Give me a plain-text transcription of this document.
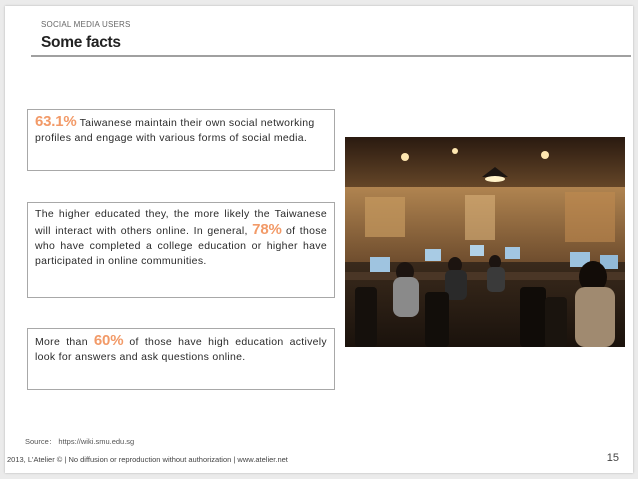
SOCIAL MEDIA USERS
Some facts

63.1% Taiwanese maintain their own social networking profiles and engage with various forms of social media.

The higher educated they, the more likely the Taiwanese will interact with others online. In general, 78% of those who have completed a college education or higher have participated in online communities.

More than 60% of those have high education actively look for answers and ask questions online.

Source： https://wiki.smu.edu.sg
2013, L'Atelier © | No diffusion or reproduction without authorization | www.atelier.net	15
